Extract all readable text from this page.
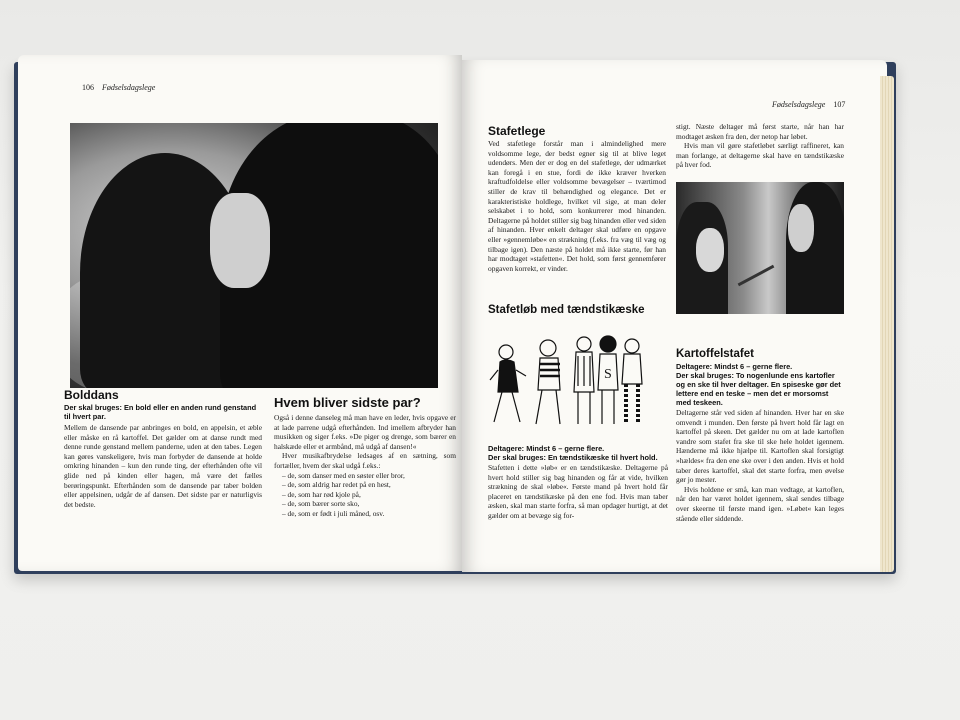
106 Fødselsdagslege
Bolddans
Der skal bruges: En bold eller en anden rund genstand til hvert par.

Mellem de dansende par anbringes en bold, en appelsin, et æble eller måske en rå kartoffel. Det gælder om at danse rundt med denne runde genstand mellem panderne, uden at den tabes. Legen kan gøres vanskeligere, hvis man forbyder de dansende at holde omkring hinanden – kun den runde ting, der efterhånden ofte vil glide ned på kinden eller hagen, må være det fælles berøringspunkt. Efterhånden som de dansende par taber bolden eller appelsinen, udgår de af dansen. Det sidste par er naturligvis det bedste.

Hvem bliver sidste par?

Også i denne danseleg må man have en leder, hvis opgave er at lade parrene udgå efterhånden. Ind imellem afbryder han musikken og siger f.eks. »De piger og drenge, som bærer en halskæde eller et armbånd, må udgå af dansen!«

Hver musikafbrydelse ledsages af en sætning, som fortæller, hvem der skal udgå f.eks.:

– de, som danser med en søster eller bror,
– de, som aldrig har redet på en hest,
– de, som har rød kjole på,
– de, som bærer sorte sko,
– de, som er født i juli måned, osv.
Fødselsdagslege 107
Stafetlege

Ved stafetlege forstår man i almindelighed mere voldsomme lege, der bedst egner sig til at blive leget udendørs. Men der er dog en del stafetlege, der udmærket kan foregå i en stue, fordi de ikke kræver hverken kraftudfoldelse eller voldsomme bevægelser – tværtimod stiller de krav til behændighed og elegance. Det er karakteristiske holdlege, hvilket vil sige, at man deler selskabet i to hold, som konkurrerer mod hinanden. Deltagerne på holdet stiller sig bag hinanden eller ved siden af hinanden. Hver enkelt deltager skal udføre en opgave eller »gennemløbe« en strækning (f.eks. fra væg til væg og tilbage igen). Den næste på holdet må ikke starte, før han har modtaget »stafetten«. Det hold, som først gennemfører opgaven korrekt, er vinder.

stigt. Næste deltager må først starte, når han har modtaget æsken fra den, der netop har løbet.

Hvis man vil gøre stafetløbet særligt raffineret, kan man forlange, at deltagerne skal have en tændstikæske på hver fod.

Stafetløb med tændstikæske
S
Deltagere: Mindst 6 – gerne flere.
Der skal bruges: En tændstikæske til hvert hold.

Stafetten i dette »løb« er en tændstikæske. Deltagerne på hvert hold stiller sig bag hinanden og får at vide, hvilken strækning de skal »løbe«. Første mand på hvert hold får placeret en tændstikæske på den ene fod. Hvis man taber æsken, skal man starte forfra, så man opdager hurtigt, at det gælder om at bevæge sig for-

Kartoffelstafet
Deltagere: Mindst 6 – gerne flere.
Der skal bruges: To nogenlunde ens kartofler og en ske til hver deltager. En spiseske gør det lettere end en teske – men det er morsomst med teskeen.

Deltagerne står ved siden af hinanden. Hver har en ske omvendt i munden. Den første på hvert hold får lagt en kartoffel på skeen. Det gælder nu om at lade kartoflen vandre som stafet fra ske til ske hele holdet igennem. Hænderne må ikke hjælpe til. Kartoflen skal forsigtigt »hældes« fra den ene ske over i den anden. Hvis et hold taber deres kartoffel, skal det starte forfra, men øvelse gør jo mester.

Hvis holdene er små, kan man vedtage, at kartoflen, når den har været holdet igennem, skal sendes tilbage over skeerne til første mand igen. »Løbet« kan leges stående eller siddende.
